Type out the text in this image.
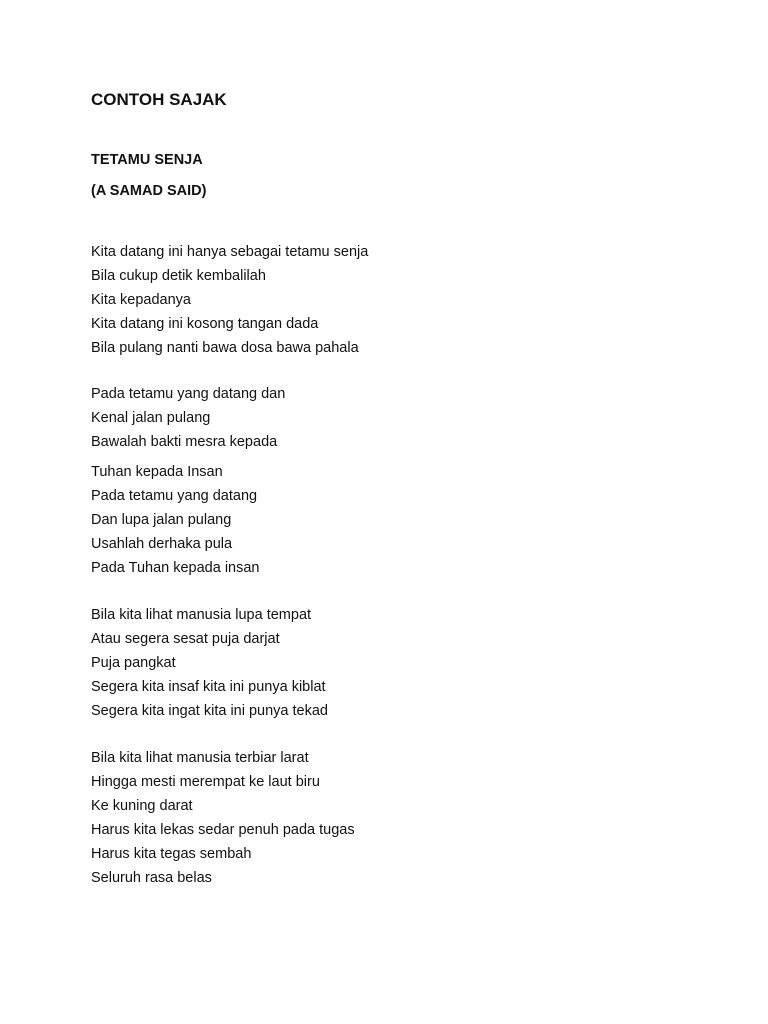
CONTOH SAJAK
TETAMU SENJA
(A SAMAD SAID)
Kita datang ini hanya sebagai tetamu senja
Bila cukup detik kembalilah
Kita kepadanya
Kita datang ini kosong tangan dada
Bila pulang nanti bawa dosa bawa pahala
Pada tetamu yang datang dan
Kenal jalan pulang
Bawalah bakti mesra kepada
Tuhan kepada Insan
Pada tetamu yang datang
Dan lupa jalan pulang
Usahlah derhaka pula
Pada Tuhan kepada insan
Bila kita lihat manusia lupa tempat
Atau segera sesat puja darjat
Puja pangkat
Segera kita insaf kita ini punya kiblat
Segera kita ingat kita ini punya tekad
Bila kita lihat manusia terbiar larat
Hingga mesti merempat ke laut biru
Ke kuning darat
Harus kita lekas sedar penuh pada tugas
Harus kita tegas sembah
Seluruh rasa belas
